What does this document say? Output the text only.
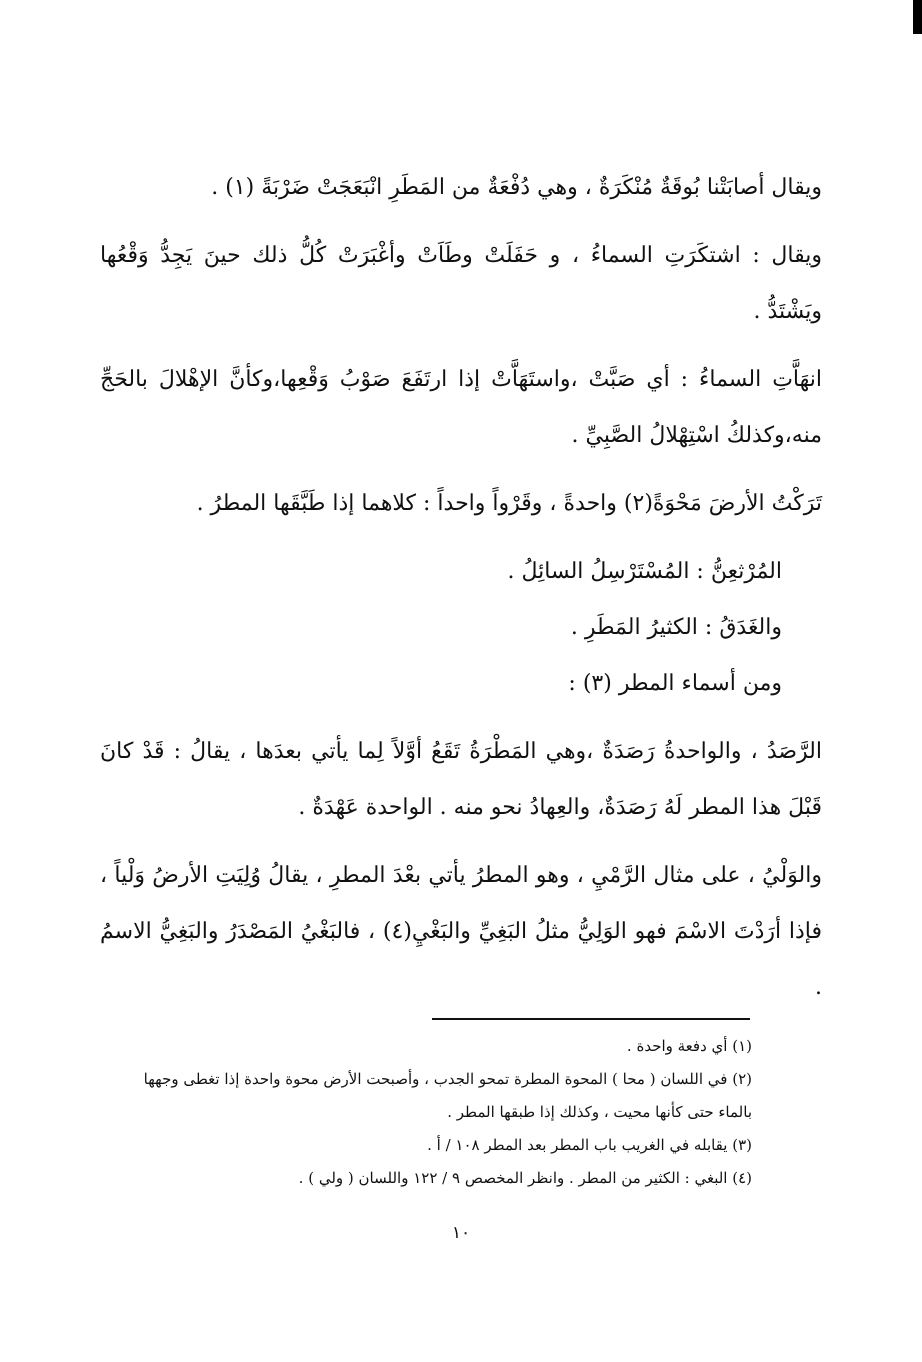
ويقال أصابَتْنا بُوقَةٌ مُنْكَرَةٌ ، وهي دُفْعَةٌ من المَطَرِ انْبَعَجَتْ ضَرْبَةً (١) .

ويقال : اشتكَرَتِ السماءُ ، و حَفَلَتْ وطَاَتْ وأغْبَرَتْ كُلُّ ذلك حينَ يَجِدُّ وَقْعُها ويَشْتَدُّ .

انهَاَّتِ السماءُ : أي صَبَّتْ ،واستَهَاَّتْ إذا ارتَفَعَ صَوْبُ وَقْعِها،وكأنَّ الإهْلالَ بالحَجِّ منه،وكذلكُ اسْتِهْلالُ الصَّبِيِّ .

تَرَكْتُ الأرضَ مَحْوَةً(٢) واحدةً ، وقَرْواً واحداً : كلاهما إذا طَبَّقَها المطرُ .

المُرْثعِنُّ : المُسْتَرْسِلُ السائِلُ .

والغَدَقُ : الكثيرُ المَطَرِ .

ومن أسماء المطر (٣) :

الرَّصَدُ ، والواحدةُ رَصَدَةٌ ،وهي المَطْرَةُ تَقَعُ أوَّلاً لِما يأتي بعدَها ، يقالُ : قَدْ كانَ قَبْلَ هذا المطر لَهُ رَصَدَةٌ، والعِهادُ نحو منه . الواحدة عَهْدَةٌ .

والوَلْيُ ، على مثال الرَّمْيِ ، وهو المطرُ يأتي بعْدَ المطرِ ، يقالُ وُلِيَتِ الأرضُ وَلْياً ، فإذا أرَدْتَ الاسْمَ فهو الوَلِيُّ مثلُ البَغِيِّ والبَغْيِ(٤) ، فالبَغْيُ المَصْدَرُ والبَغِيُّ الاسمُ .

(١) أي دفعة واحدة .

(٢) في اللسان ( محا ) المحوة المطرة تمحو الجدب ، وأصبحت الأرض محوة واحدة إذا تغطى وجهها بالماء حتى كأنها محيت ، وكذلك إذا طبقها المطر .

(٣) يقابله في الغريب باب المطر بعد المطر ١٠٨ / أ .

(٤) البغي : الكثير من المطر . وانظر المخصص ٩ / ١٢٢ واللسان ( ولي ) .

١٠
